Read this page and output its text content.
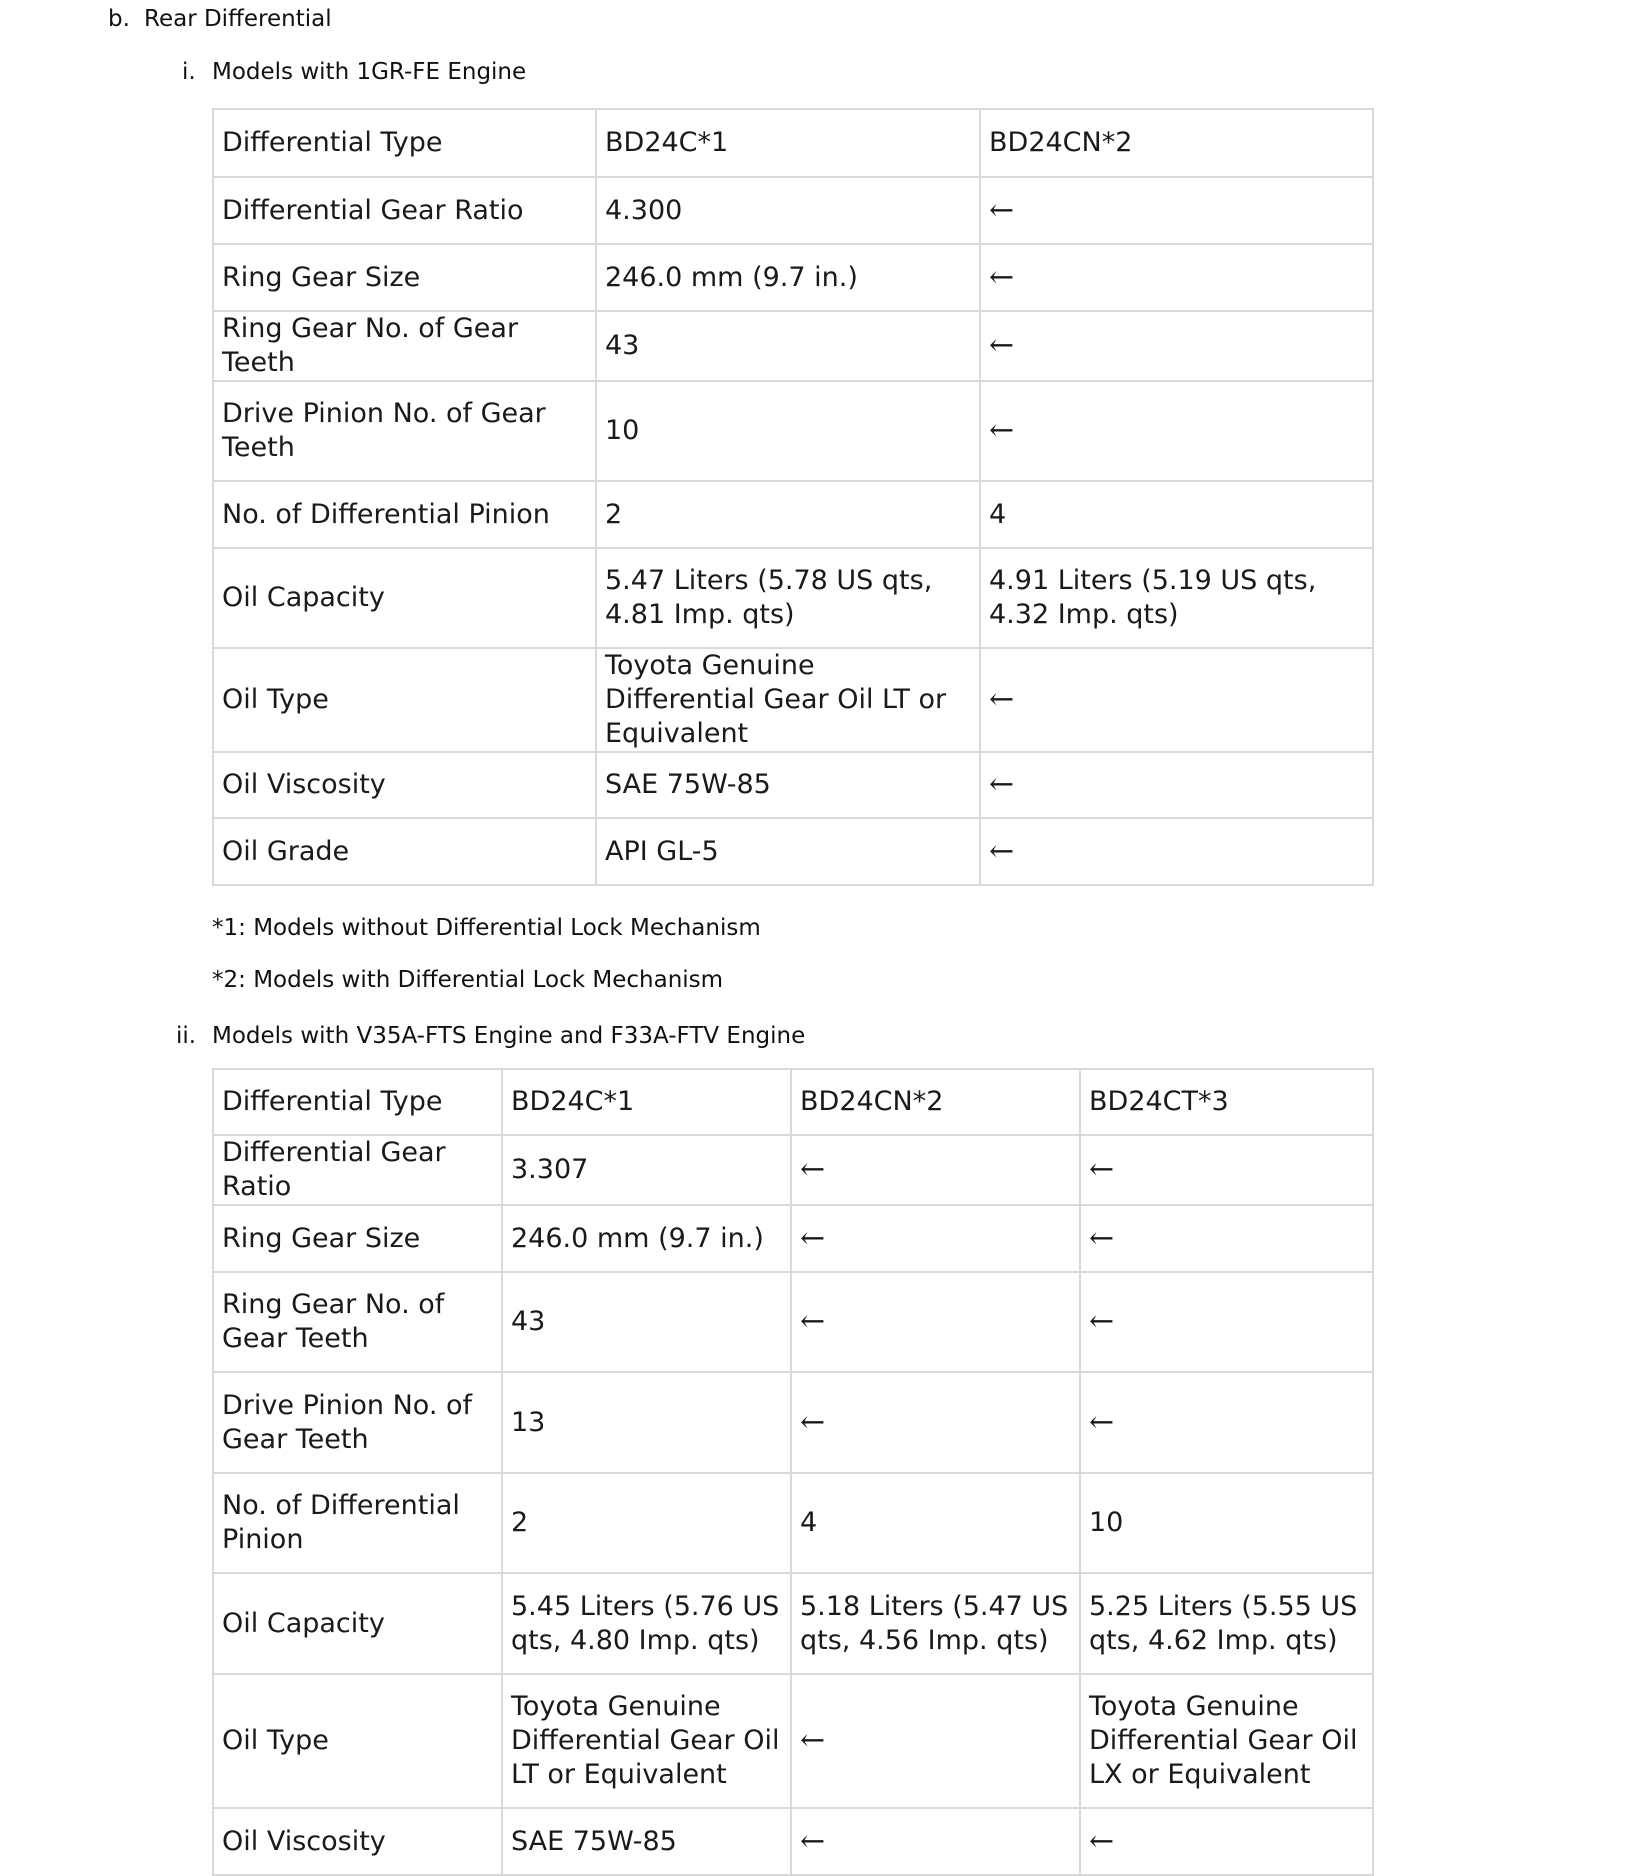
b. Rear Differential
i. Models with 1GR-FE Engine
Differential Type	BD24C*1	BD24CN*2
Differential Gear Ratio	4.300	←
Ring Gear Size	246.0 mm (9.7 in.)	←
Ring Gear No. of Gear Teeth	43	←
Drive Pinion No. of Gear Teeth	10	←
No. of Differential Pinion	2	4
Oil Capacity	5.47 Liters (5.78 US qts, 4.81 Imp. qts)	4.91 Liters (5.19 US qts, 4.32 Imp. qts)
Oil Type	Toyota Genuine Differential Gear Oil LT or Equivalent	←
Oil Viscosity	SAE 75W-85	←
Oil Grade	API GL-5	←
*1: Models without Differential Lock Mechanism
*2: Models with Differential Lock Mechanism
ii. Models with V35A-FTS Engine and F33A-FTV Engine
Differential Type	BD24C*1	BD24CN*2	BD24CT*3
Differential Gear Ratio	3.307	←	←
Ring Gear Size	246.0 mm (9.7 in.)	←	←
Ring Gear No. of Gear Teeth	43	←	←
Drive Pinion No. of Gear Teeth	13	←	←
No. of Differential Pinion	2	4	10
Oil Capacity	5.45 Liters (5.76 US qts, 4.80 Imp. qts)	5.18 Liters (5.47 US qts, 4.56 Imp. qts)	5.25 Liters (5.55 US qts, 4.62 Imp. qts)
Oil Type	Toyota Genuine Differential Gear Oil LT or Equivalent	←	Toyota Genuine Differential Gear Oil LX or Equivalent
Oil Viscosity	SAE 75W-85	←	←
